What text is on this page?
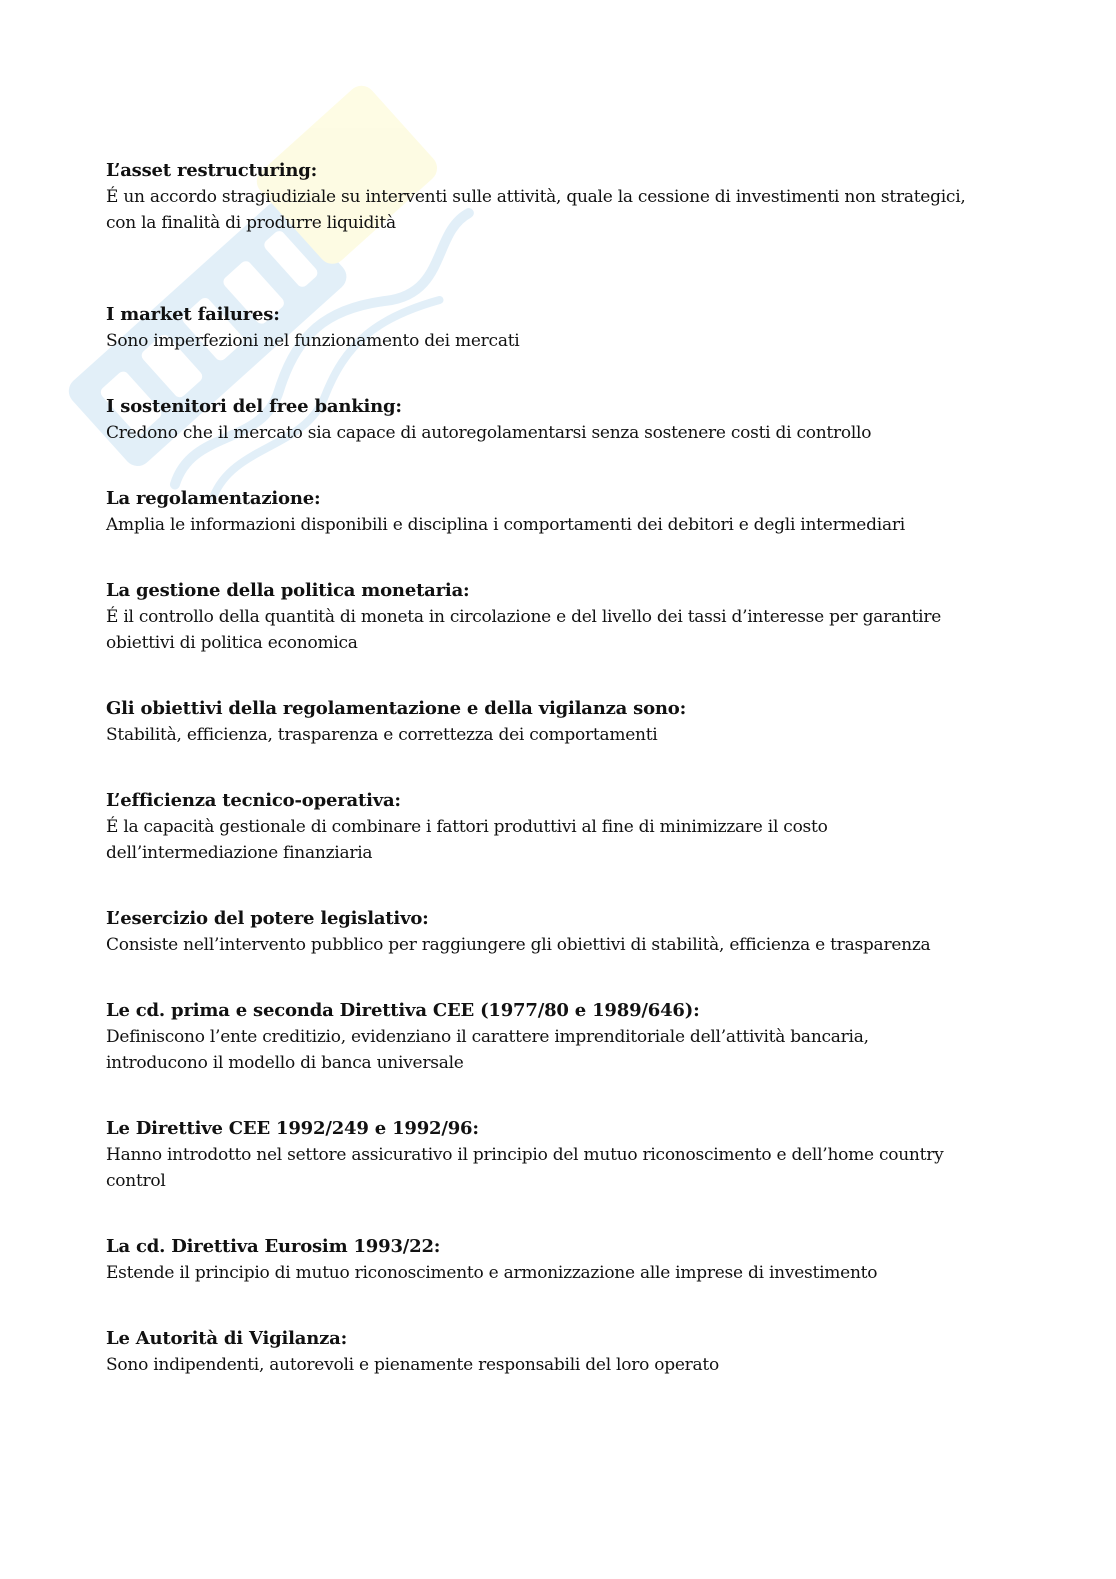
L’asset restructuring:
É un accordo stragiudiziale su interventi sulle attività, quale la cessione di investimenti non strategici,
con la finalità di produrre liquidità
I market failures:
Sono imperfezioni nel funzionamento dei mercati
I sostenitori del free banking:
Credono che il mercato sia capace di autoregolamentarsi senza sostenere costi di controllo
La regolamentazione:
Amplia le informazioni disponibili e disciplina i comportamenti dei debitori e degli intermediari
La gestione della politica monetaria:
É il controllo della quantità di moneta in circolazione e del livello dei tassi d’interesse per garantire
obiettivi di politica economica
Gli obiettivi della regolamentazione e della vigilanza sono:
Stabilità, efficienza, trasparenza e correttezza dei comportamenti
L’efficienza tecnico-operativa:
É la capacità gestionale di combinare i fattori produttivi al fine di minimizzare il costo
dell’intermediazione finanziaria
L’esercizio del potere legislativo:
Consiste nell’intervento pubblico per raggiungere gli obiettivi di stabilità, efficienza e trasparenza
Le cd. prima e seconda Direttiva CEE (1977/80 e 1989/646):
Definiscono l’ente creditizio, evidenziano il carattere imprenditoriale dell’attività bancaria,
introducono il modello di banca universale
Le Direttive CEE 1992/249 e 1992/96:
Hanno introdotto nel settore assicurativo il principio del mutuo riconoscimento e dell’home country
control
La cd. Direttiva Eurosim 1993/22:
Estende il principio di mutuo riconoscimento e armonizzazione alle imprese di investimento
Le Autorità di Vigilanza:
Sono indipendenti, autorevoli e pienamente responsabili del loro operato
